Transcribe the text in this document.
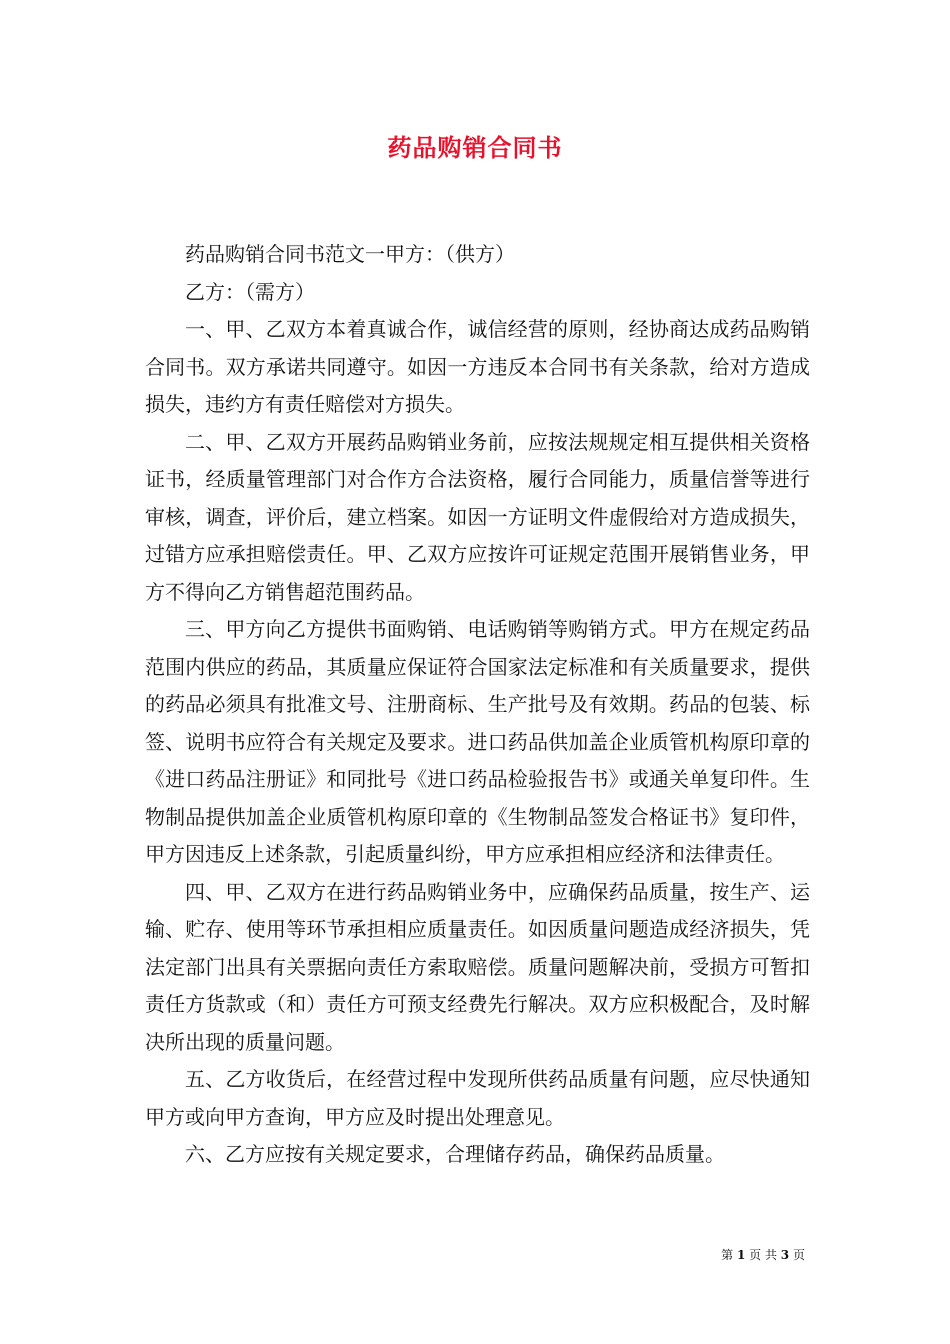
药品购销合同书

药品购销合同书范文一甲方：（供方）

乙方：（需方）

一、甲、乙双方本着真诚合作，诚信经营的原则，经协商达成药品购销合同书。双方承诺共同遵守。如因一方违反本合同书有关条款，给对方造成损失，违约方有责任赔偿对方损失。

二、甲、乙双方开展药品购销业务前，应按法规规定相互提供相关资格证书，经质量管理部门对合作方合法资格，履行合同能力，质量信誉等进行审核，调查，评价后，建立档案。如因一方证明文件虚假给对方造成损失，过错方应承担赔偿责任。甲、乙双方应按许可证规定范围开展销售业务，甲方不得向乙方销售超范围药品。

三、甲方向乙方提供书面购销、电话购销等购销方式。甲方在规定药品范围内供应的药品，其质量应保证符合国家法定标准和有关质量要求，提供的药品必须具有批准文号、注册商标、生产批号及有效期。药品的包装、标签、说明书应符合有关规定及要求。进口药品供加盖企业质管机构原印章的《进口药品注册证》和同批号《进口药品检验报告书》或通关单复印件。生物制品提供加盖企业质管机构原印章的《生物制品签发合格证书》复印件，甲方因违反上述条款，引起质量纠纷，甲方应承担相应经济和法律责任。

四、甲、乙双方在进行药品购销业务中，应确保药品质量，按生产、运输、贮存、使用等环节承担相应质量责任。如因质量问题造成经济损失，凭法定部门出具有关票据向责任方索取赔偿。质量问题解决前，受损方可暂扣责任方货款或（和）责任方可预支经费先行解决。双方应积极配合，及时解决所出现的质量问题。

五、乙方收货后，在经营过程中发现所供药品质量有问题，应尽快通知甲方或向甲方查询，甲方应及时提出处理意见。

六、乙方应按有关规定要求，合理储存药品，确保药品质量。

第 1 页 共 3 页
